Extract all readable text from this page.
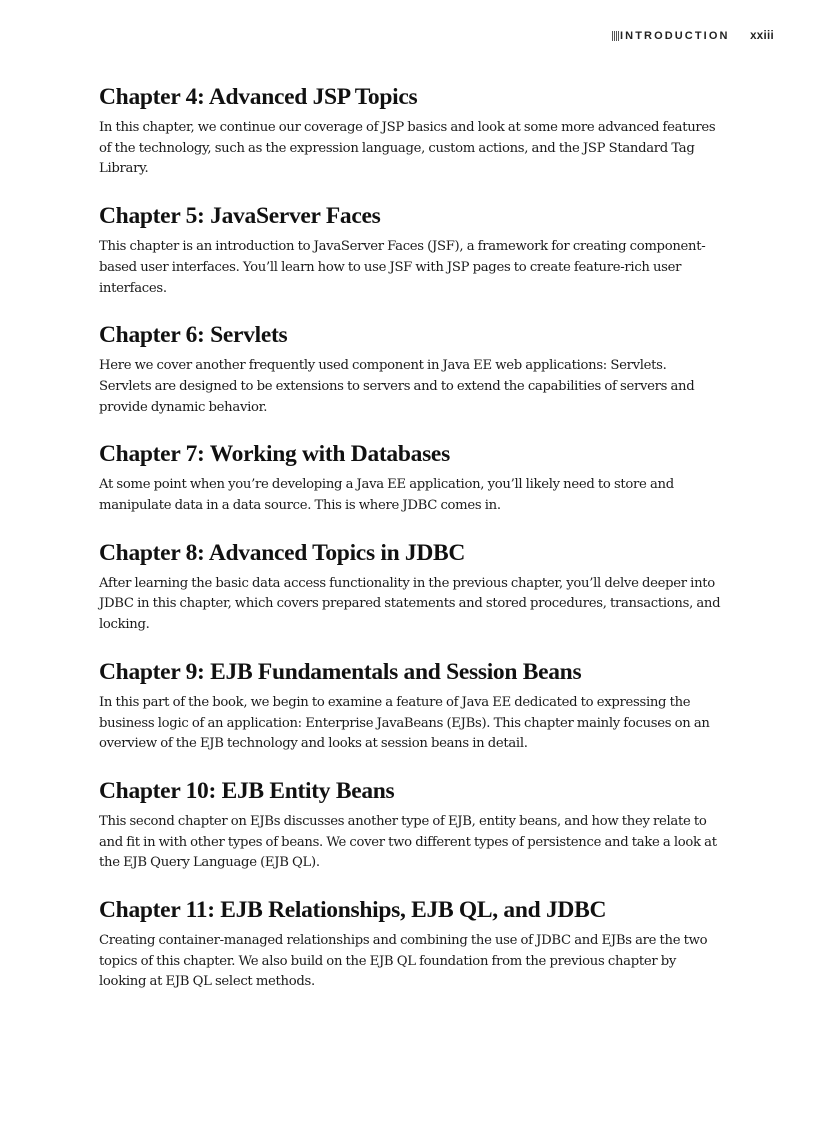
INTRODUCTION xxiii
Chapter 4: Advanced JSP Topics

In this chapter, we continue our coverage of JSP basics and look at some more advanced features of the technology, such as the expression language, custom actions, and the JSP Standard Tag Library.

Chapter 5: JavaServer Faces

This chapter is an introduction to JavaServer Faces (JSF), a framework for creating component-based user interfaces. You’ll learn how to use JSF with JSP pages to create feature-rich user interfaces.

Chapter 6: Servlets

Here we cover another frequently used component in Java EE web applications: Servlets. Servlets are designed to be extensions to servers and to extend the capabilities of servers and provide dynamic behavior.

Chapter 7: Working with Databases

At some point when you’re developing a Java EE application, you’ll likely need to store and manipulate data in a data source. This is where JDBC comes in.

Chapter 8: Advanced Topics in JDBC

After learning the basic data access functionality in the previous chapter, you’ll delve deeper into JDBC in this chapter, which covers prepared statements and stored procedures, transactions, and locking.

Chapter 9: EJB Fundamentals and Session Beans

In this part of the book, we begin to examine a feature of Java EE dedicated to expressing the business logic of an application: Enterprise JavaBeans (EJBs). This chapter mainly focuses on an overview of the EJB technology and looks at session beans in detail.

Chapter 10: EJB Entity Beans

This second chapter on EJBs discusses another type of EJB, entity beans, and how they relate to and fit in with other types of beans. We cover two different types of persistence and take a look at the EJB Query Language (EJB QL).

Chapter 11: EJB Relationships, EJB QL, and JDBC

Creating container-managed relationships and combining the use of JDBC and EJBs are the two topics of this chapter. We also build on the EJB QL foundation from the previous chapter by looking at EJB QL select methods.
